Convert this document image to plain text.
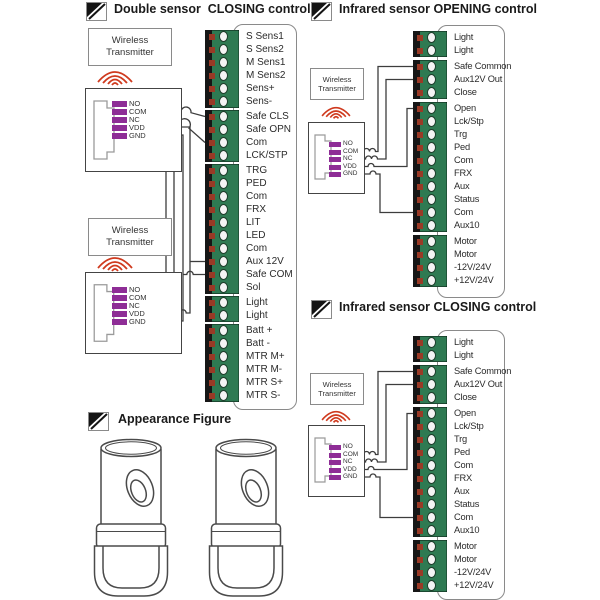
Double sensor  CLOSING control Infrared sensor OPENING control
Infrared sensor CLOSING control
Appearance Figure
S Sens1
S Sens2
M Sens1
M Sens2
Sens+
Sens-
Safe CLS
Safe OPN
Com
LCK/STP
TRG
PED
Com
FRX
LIT
LED
Com
Aux 12V
Safe COM
Sol
Light
Light
Batt +
Batt -
MTR M+
MTR M-
MTR S+
MTR S-
Light
Light
Safe Common
Aux12V Out
Close
Open
Lck/Stp
Trg
Ped
Com
FRX
Aux
Status
Com
Aux10
Motor
Motor
-12V/24V
+12V/24V
Light
Light
Safe Common
Aux12V Out
Close
Open
Lck/Stp
Trg
Ped
Com
FRX
Aux
Status
Com
Aux10
Motor
Motor
-12V/24V
+12V/24V
Wireless Transmitter
Wireless Transmitter
Wireless Transmitter
Wireless Transmitter
NO
COM
NC
VDD
GND
NO
COM
NC
VDD
GND
NO
COM
NC
VDD
GND
NO
COM
NC
VDD
GND
